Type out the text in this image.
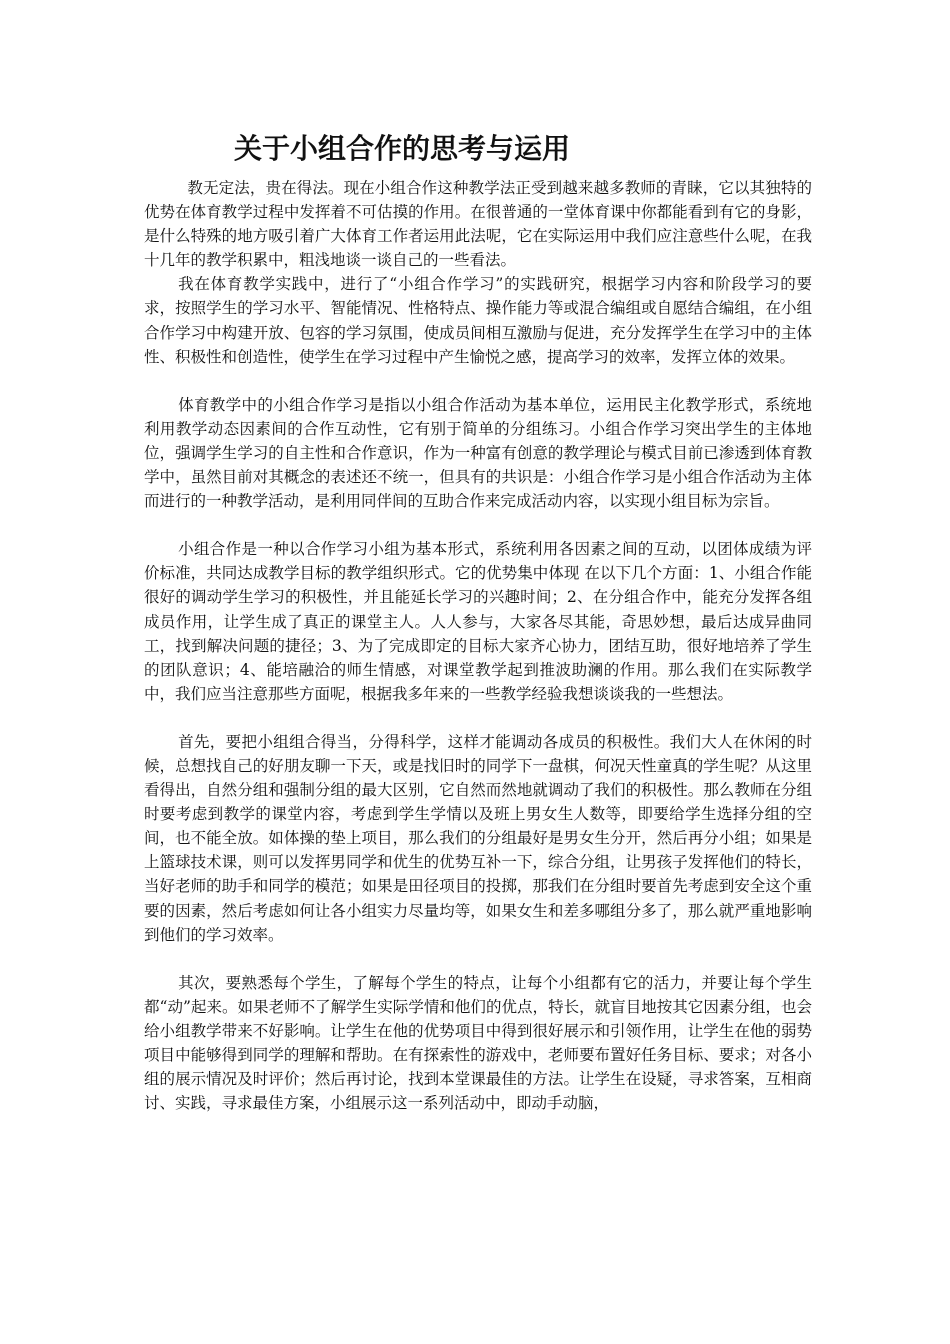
关于小组合作的思考与运用

教无定法，贵在得法。现在小组合作这种教学法正受到越来越多教师的青睐，它以其独特的优势在体育教学过程中发挥着不可估摸的作用。在很普通的一堂体育课中你都能看到有它的身影，是什么特殊的地方吸引着广大体育工作者运用此法呢，它在实际运用中我们应注意些什么呢，在我十几年的教学积累中，粗浅地谈一谈自己的一些看法。

我在体育教学实践中，进行了“小组合作学习”的实践研究，根据学习内容和阶段学习的要求，按照学生的学习水平、智能情况、性格特点、操作能力等或混合编组或自愿结合编组，在小组合作学习中构建开放、包容的学习氛围，使成员间相互激励与促进，充分发挥学生在学习中的主体性、积极性和创造性，使学生在学习过程中产生愉悦之感，提高学习的效率，发挥立体的效果。

体育教学中的小组合作学习是指以小组合作活动为基本单位，运用民主化教学形式，系统地利用教学动态因素间的合作互动性，它有别于简单的分组练习。小组合作学习突出学生的主体地位，强调学生学习的自主性和合作意识，作为一种富有创意的教学理论与模式目前已渗透到体育教学中，虽然目前对其概念的表述还不统一，但具有的共识是：小组合作学习是小组合作活动为主体而进行的一种教学活动，是利用同伴间的互助合作来完成活动内容，以实现小组目标为宗旨。

小组合作是一种以合作学习小组为基本形式，系统利用各因素之间的互动，以团体成绩为评价标准，共同达成教学目标的教学组织形式。它的优势集中体现 在以下几个方面：1、小组合作能很好的调动学生学习的积极性，并且能延长学习的兴趣时间；2、在分组合作中，能充分发挥各组成员作用，让学生成了真正的课堂主人。人人参与，大家各尽其能，奇思妙想，最后达成异曲同工，找到解决问题的捷径；3、为了完成即定的目标大家齐心协力，团结互助，很好地培养了学生的团队意识；4、能培融洽的师生情感，对课堂教学起到推波助澜的作用。那么我们在实际教学中，我们应当注意那些方面呢，根据我多年来的一些教学经验我想谈谈我的一些想法。

首先，要把小组组合得当，分得科学，这样才能调动各成员的积极性。我们大人在休闲的时候，总想找自己的好朋友聊一下天，或是找旧时的同学下一盘棋，何况天性童真的学生呢？从这里看得出，自然分组和强制分组的最大区别，它自然而然地就调动了我们的积极性。那么教师在分组时要考虑到教学的课堂内容，考虑到学生学情以及班上男女生人数等，即要给学生选择分组的空间，也不能全放。如体操的垫上项目，那么我们的分组最好是男女生分开，然后再分小组；如果是上篮球技术课，则可以发挥男同学和优生的优势互补一下，综合分组，让男孩子发挥他们的特长，当好老师的助手和同学的模范；如果是田径项目的投掷，那我们在分组时要首先考虑到安全这个重要的因素，然后考虑如何让各小组实力尽量均等，如果女生和差多哪组分多了，那么就严重地影响到他们的学习效率。

其次，要熟悉每个学生，了解每个学生的特点，让每个小组都有它的活力，并要让每个学生都“动”起来。如果老师不了解学生实际学情和他们的优点，特长，就盲目地按其它因素分组，也会给小组教学带来不好影响。让学生在他的优势项目中得到很好展示和引领作用，让学生在他的弱势项目中能够得到同学的理解和帮助。在有探索性的游戏中，老师要布置好任务目标、要求；对各小组的展示情况及时评价；然后再讨论，找到本堂课最佳的方法。让学生在设疑，寻求答案，互相商讨、实践，寻求最佳方案，小组展示这一系列活动中，即动手动脑，
